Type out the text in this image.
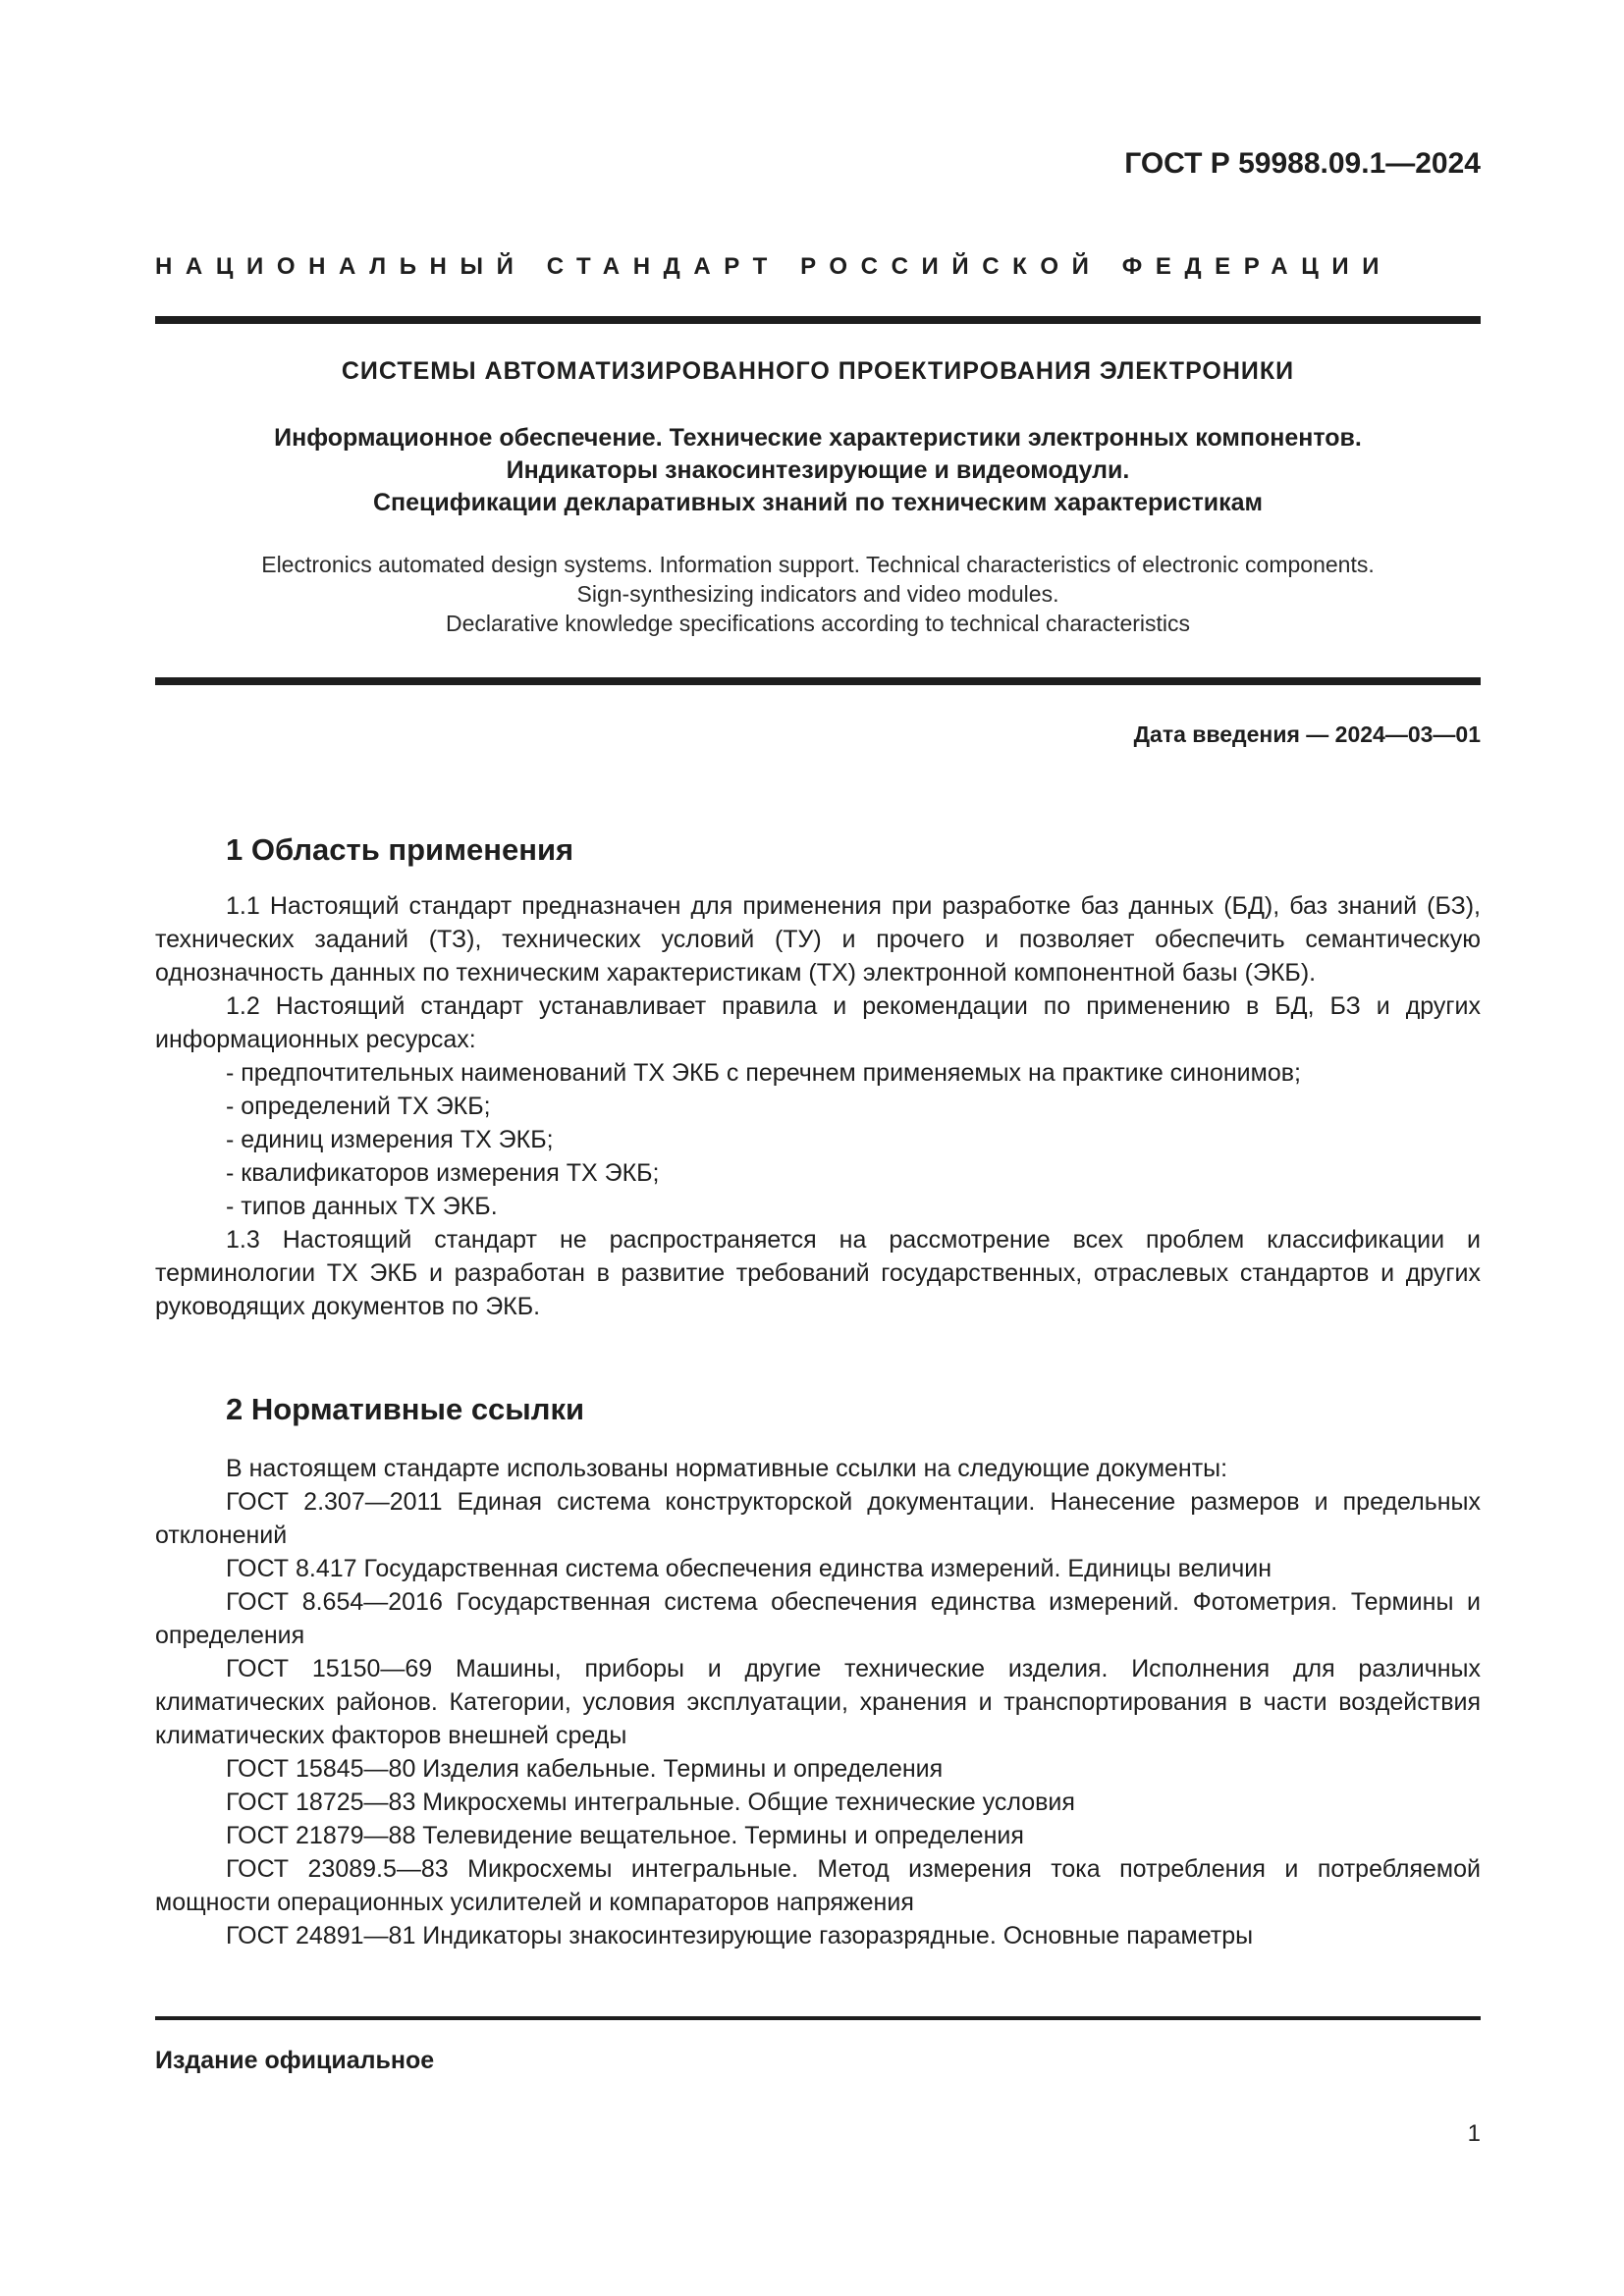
ГОСТ Р 59988.09.1—2024
НАЦИОНАЛЬНЫЙ СТАНДАРТ РОССИЙСКОЙ ФЕДЕРАЦИИ
СИСТЕМЫ АВТОМАТИЗИРОВАННОГО ПРОЕКТИРОВАНИЯ ЭЛЕКТРОНИКИ
Информационное обеспечение. Технические характеристики электронных компонентов.
Индикаторы знакосинтезирующие и видеомодули.
Спецификации декларативных знаний по техническим характеристикам
Electronics automated design systems. Information support. Technical characteristics of electronic components.
Sign-synthesizing indicators and video modules.
Declarative knowledge specifications according to technical characteristics
Дата введения — 2024—03—01
1 Область применения

1.1 Настоящий стандарт предназначен для применения при разработке баз данных (БД), баз знаний (БЗ), технических заданий (ТЗ), технических условий (ТУ) и прочего и позволяет обеспечить семантическую однозначность данных по техническим характеристикам (ТХ) электронной компонентной базы (ЭКБ).

1.2 Настоящий стандарт устанавливает правила и рекомендации по применению в БД, БЗ и других информационных ресурсах:

- предпочтительных наименований ТХ ЭКБ с перечнем применяемых на практике синонимов;

- определений ТХ ЭКБ;

- единиц измерения ТХ ЭКБ;

- квалификаторов измерения ТХ ЭКБ;

- типов данных ТХ ЭКБ.

1.3 Настоящий стандарт не распространяется на рассмотрение всех проблем классификации и терминологии ТХ ЭКБ и разработан в развитие требований государственных, отраслевых стандартов и других руководящих документов по ЭКБ.

2 Нормативные ссылки

В настоящем стандарте использованы нормативные ссылки на следующие документы:

ГОСТ 2.307—2011 Единая система конструкторской документации. Нанесение размеров и предельных отклонений

ГОСТ 8.417 Государственная система обеспечения единства измерений. Единицы величин

ГОСТ 8.654—2016 Государственная система обеспечения единства измерений. Фотометрия. Термины и определения

ГОСТ 15150—69 Машины, приборы и другие технические изделия. Исполнения для различных климатических районов. Категории, условия эксплуатации, хранения и транспортирования в части воздействия климатических факторов внешней среды

ГОСТ 15845—80 Изделия кабельные. Термины и определения

ГОСТ 18725—83 Микросхемы интегральные. Общие технические условия

ГОСТ 21879—88 Телевидение вещательное. Термины и определения

ГОСТ 23089.5—83 Микросхемы интегральные. Метод измерения тока потребления и потребляемой мощности операционных усилителей и компараторов напряжения

ГОСТ 24891—81 Индикаторы знакосинтезирующие газоразрядные. Основные параметры

Издание официальное
1
